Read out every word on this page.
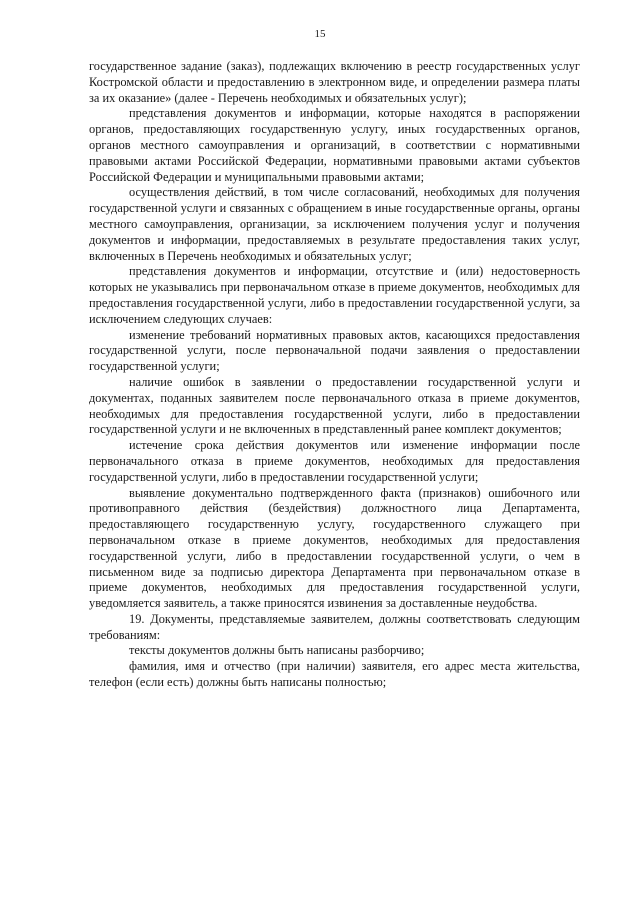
15

государственное задание (заказ), подлежащих включению в реестр государственных услуг Костромской области и предоставлению в электронном виде, и определении размера платы за их оказание» (далее - Перечень необходимых и обязательных услуг);

представления документов и информации, которые находятся в распоряжении органов, предоставляющих государственную услугу, иных государственных органов, органов местного самоуправления и организаций, в соответствии с нормативными правовыми актами Российской Федерации, нормативными правовыми актами субъектов Российской Федерации и муниципальными правовыми актами;

осуществления действий, в том числе согласований, необходимых для получения государственной услуги и связанных с обращением в иные государственные органы, органы местного самоуправления, организации, за исключением получения услуг и получения документов и информации, предоставляемых в результате предоставления таких услуг, включенных в Перечень необходимых и обязательных услуг;

представления документов и информации, отсутствие и (или) недостоверность которых не указывались при первоначальном отказе в приеме документов, необходимых для предоставления государственной услуги, либо в предоставлении государственной услуги, за исключением следующих случаев:

изменение требований нормативных правовых актов, касающихся предоставления государственной услуги, после первоначальной подачи заявления о предоставлении государственной услуги;

наличие ошибок в заявлении о предоставлении государственной услуги и документах, поданных заявителем после первоначального отказа в приеме документов, необходимых для предоставления государственной услуги, либо в предоставлении государственной услуги и не включенных в представленный ранее комплект документов;

истечение срока действия документов или изменение информации после первоначального отказа в приеме документов, необходимых для предоставления государственной услуги, либо в предоставлении государственной услуги;

выявление документально подтвержденного факта (признаков) ошибочного или противоправного действия (бездействия) должностного лица Департамента, предоставляющего государственную услугу, государственного служащего при первоначальном отказе в приеме документов, необходимых для предоставления государственной услуги, либо в предоставлении государственной услуги, о чем в письменном виде за подписью директора Департамента при первоначальном отказе в приеме документов, необходимых для предоставления государственной услуги, уведомляется заявитель, а также приносятся извинения за доставленные неудобства.

19. Документы, представляемые заявителем, должны соответствовать следующим требованиям:

тексты документов должны быть написаны разборчиво;

фамилия, имя и отчество (при наличии) заявителя, его адрес места жительства, телефон (если есть) должны быть написаны полностью;
